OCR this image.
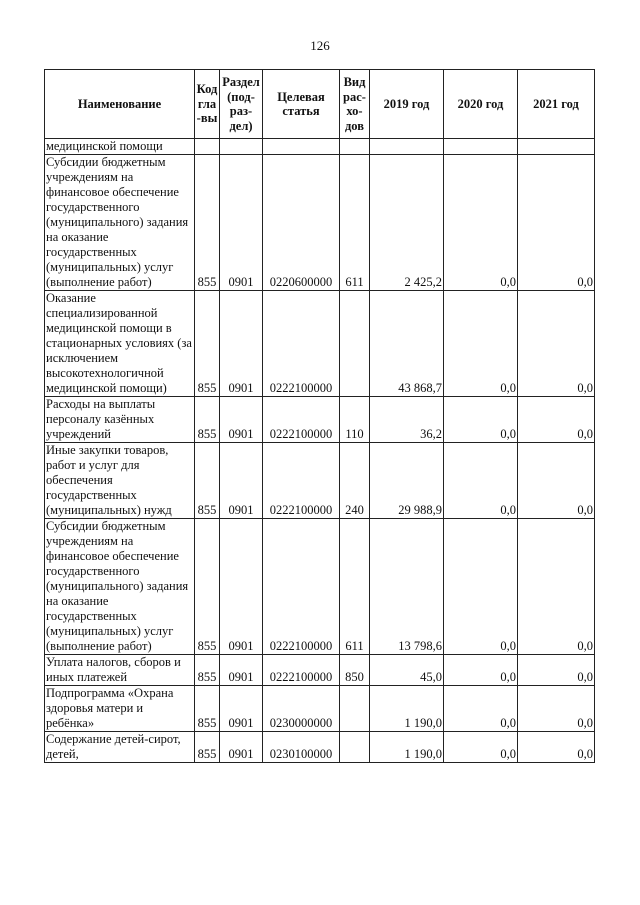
126
Наименование	Код гла-вы	Раздел (под-раз-дел)	Целевая статья	Вид рас-хо-дов	2019 год	2020 год	2021 год
медицинской помощи							
Субсидии бюджетным учреждениям на финансовое обеспечение государственного (муниципального) задания на оказание государственных (муниципальных) услуг (выполнение работ)	855	0901	0220600000	611	2 425,2	0,0	0,0
Оказание специализированной медицинской помощи в стационарных условиях (за исключением высокотехнологичной медицинской помощи)	855	0901	0222100000		43 868,7	0,0	0,0
Расходы на выплаты персоналу казённых учреждений	855	0901	0222100000	110	36,2	0,0	0,0
Иные закупки товаров, работ и услуг для обеспечения государственных (муниципальных) нужд	855	0901	0222100000	240	29 988,9	0,0	0,0
Субсидии бюджетным учреждениям на финансовое обеспечение государственного (муниципального) задания на оказание государственных (муниципальных) услуг (выполнение работ)	855	0901	0222100000	611	13 798,6	0,0	0,0
Уплата налогов, сборов и иных платежей	855	0901	0222100000	850	45,0	0,0	0,0
Подпрограмма «Охрана здоровья матери и ребёнка»	855	0901	0230000000		1 190,0	0,0	0,0
Содержание детей-сирот, детей,	855	0901	0230100000		1 190,0	0,0	0,0
